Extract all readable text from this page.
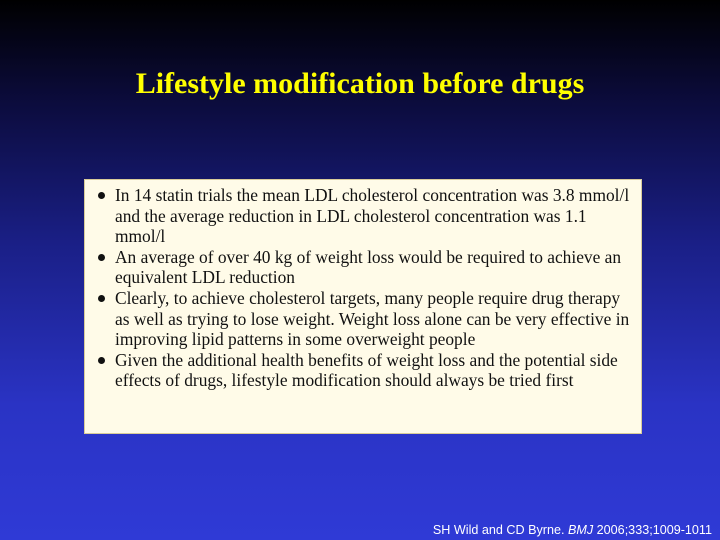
Lifestyle modification before drugs
In 14 statin trials the mean LDL cholesterol concentration was 3.8 mmol/l and the average reduction in LDL cholesterol concentration was 1.1 mmol/l
An average of over 40 kg of weight loss would be required to achieve an equivalent LDL reduction
Clearly, to achieve cholesterol targets, many people require drug therapy as well as trying to lose weight. Weight loss alone can be very effective in improving lipid patterns in some overweight people
Given the additional health benefits of weight loss and the potential side effects of drugs, lifestyle modification should always be tried first
SH Wild and CD Byrne. BMJ 2006;333;1009-1011
